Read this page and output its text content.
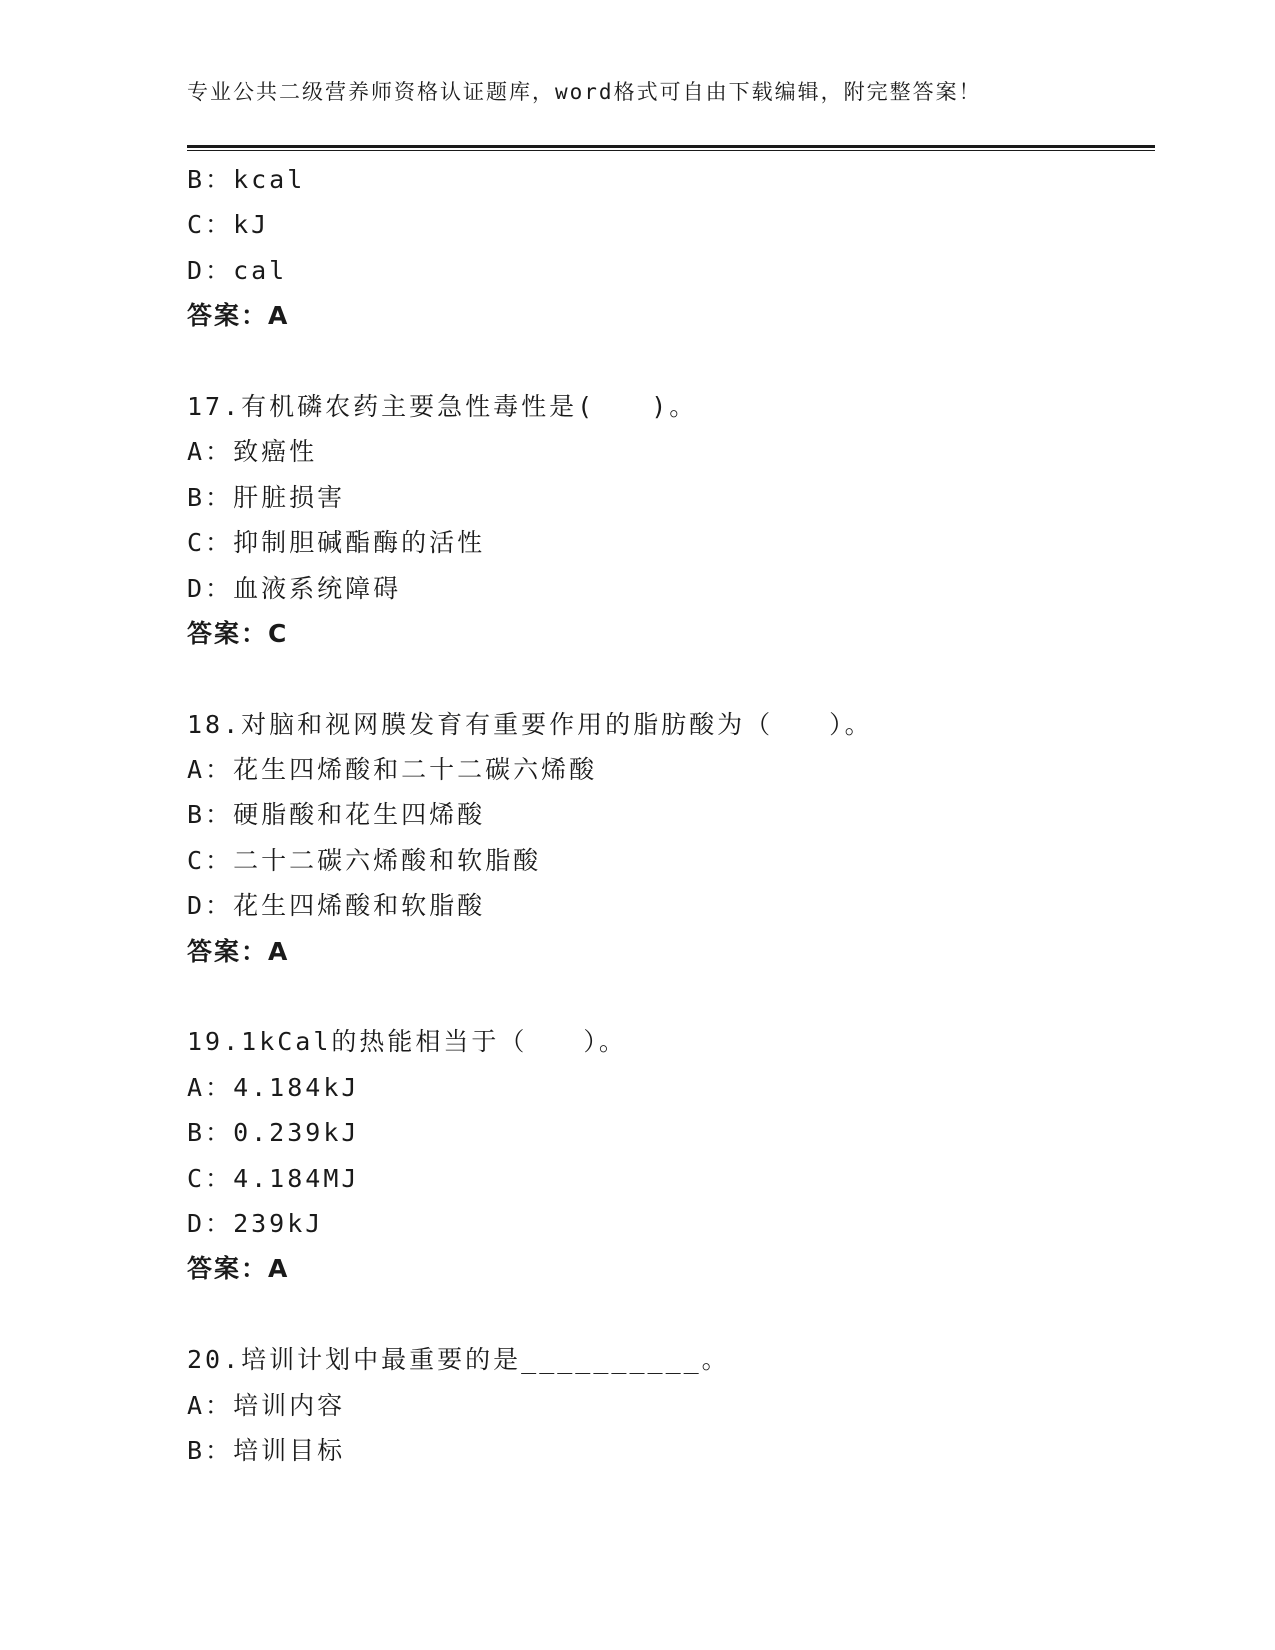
专业公共二级营养师资格认证题库，word格式可自由下载编辑，附完整答案！
B：kcal
C：kJ
D：cal
答案：A
17.有机磷农药主要急性毒性是(　　)。
A：致癌性
B：肝脏损害
C：抑制胆碱酯酶的活性
D：血液系统障碍
答案：C
18.对脑和视网膜发育有重要作用的脂肪酸为（　　）。
A：花生四烯酸和二十二碳六烯酸
B：硬脂酸和花生四烯酸
C：二十二碳六烯酸和软脂酸
D：花生四烯酸和软脂酸
答案：A
19.1kCal的热能相当于（　　）。
A：4.184kJ
B：0.239kJ
C：4.184MJ
D：239kJ
答案：A
20.培训计划中最重要的是__________。
A：培训内容
B：培训目标
